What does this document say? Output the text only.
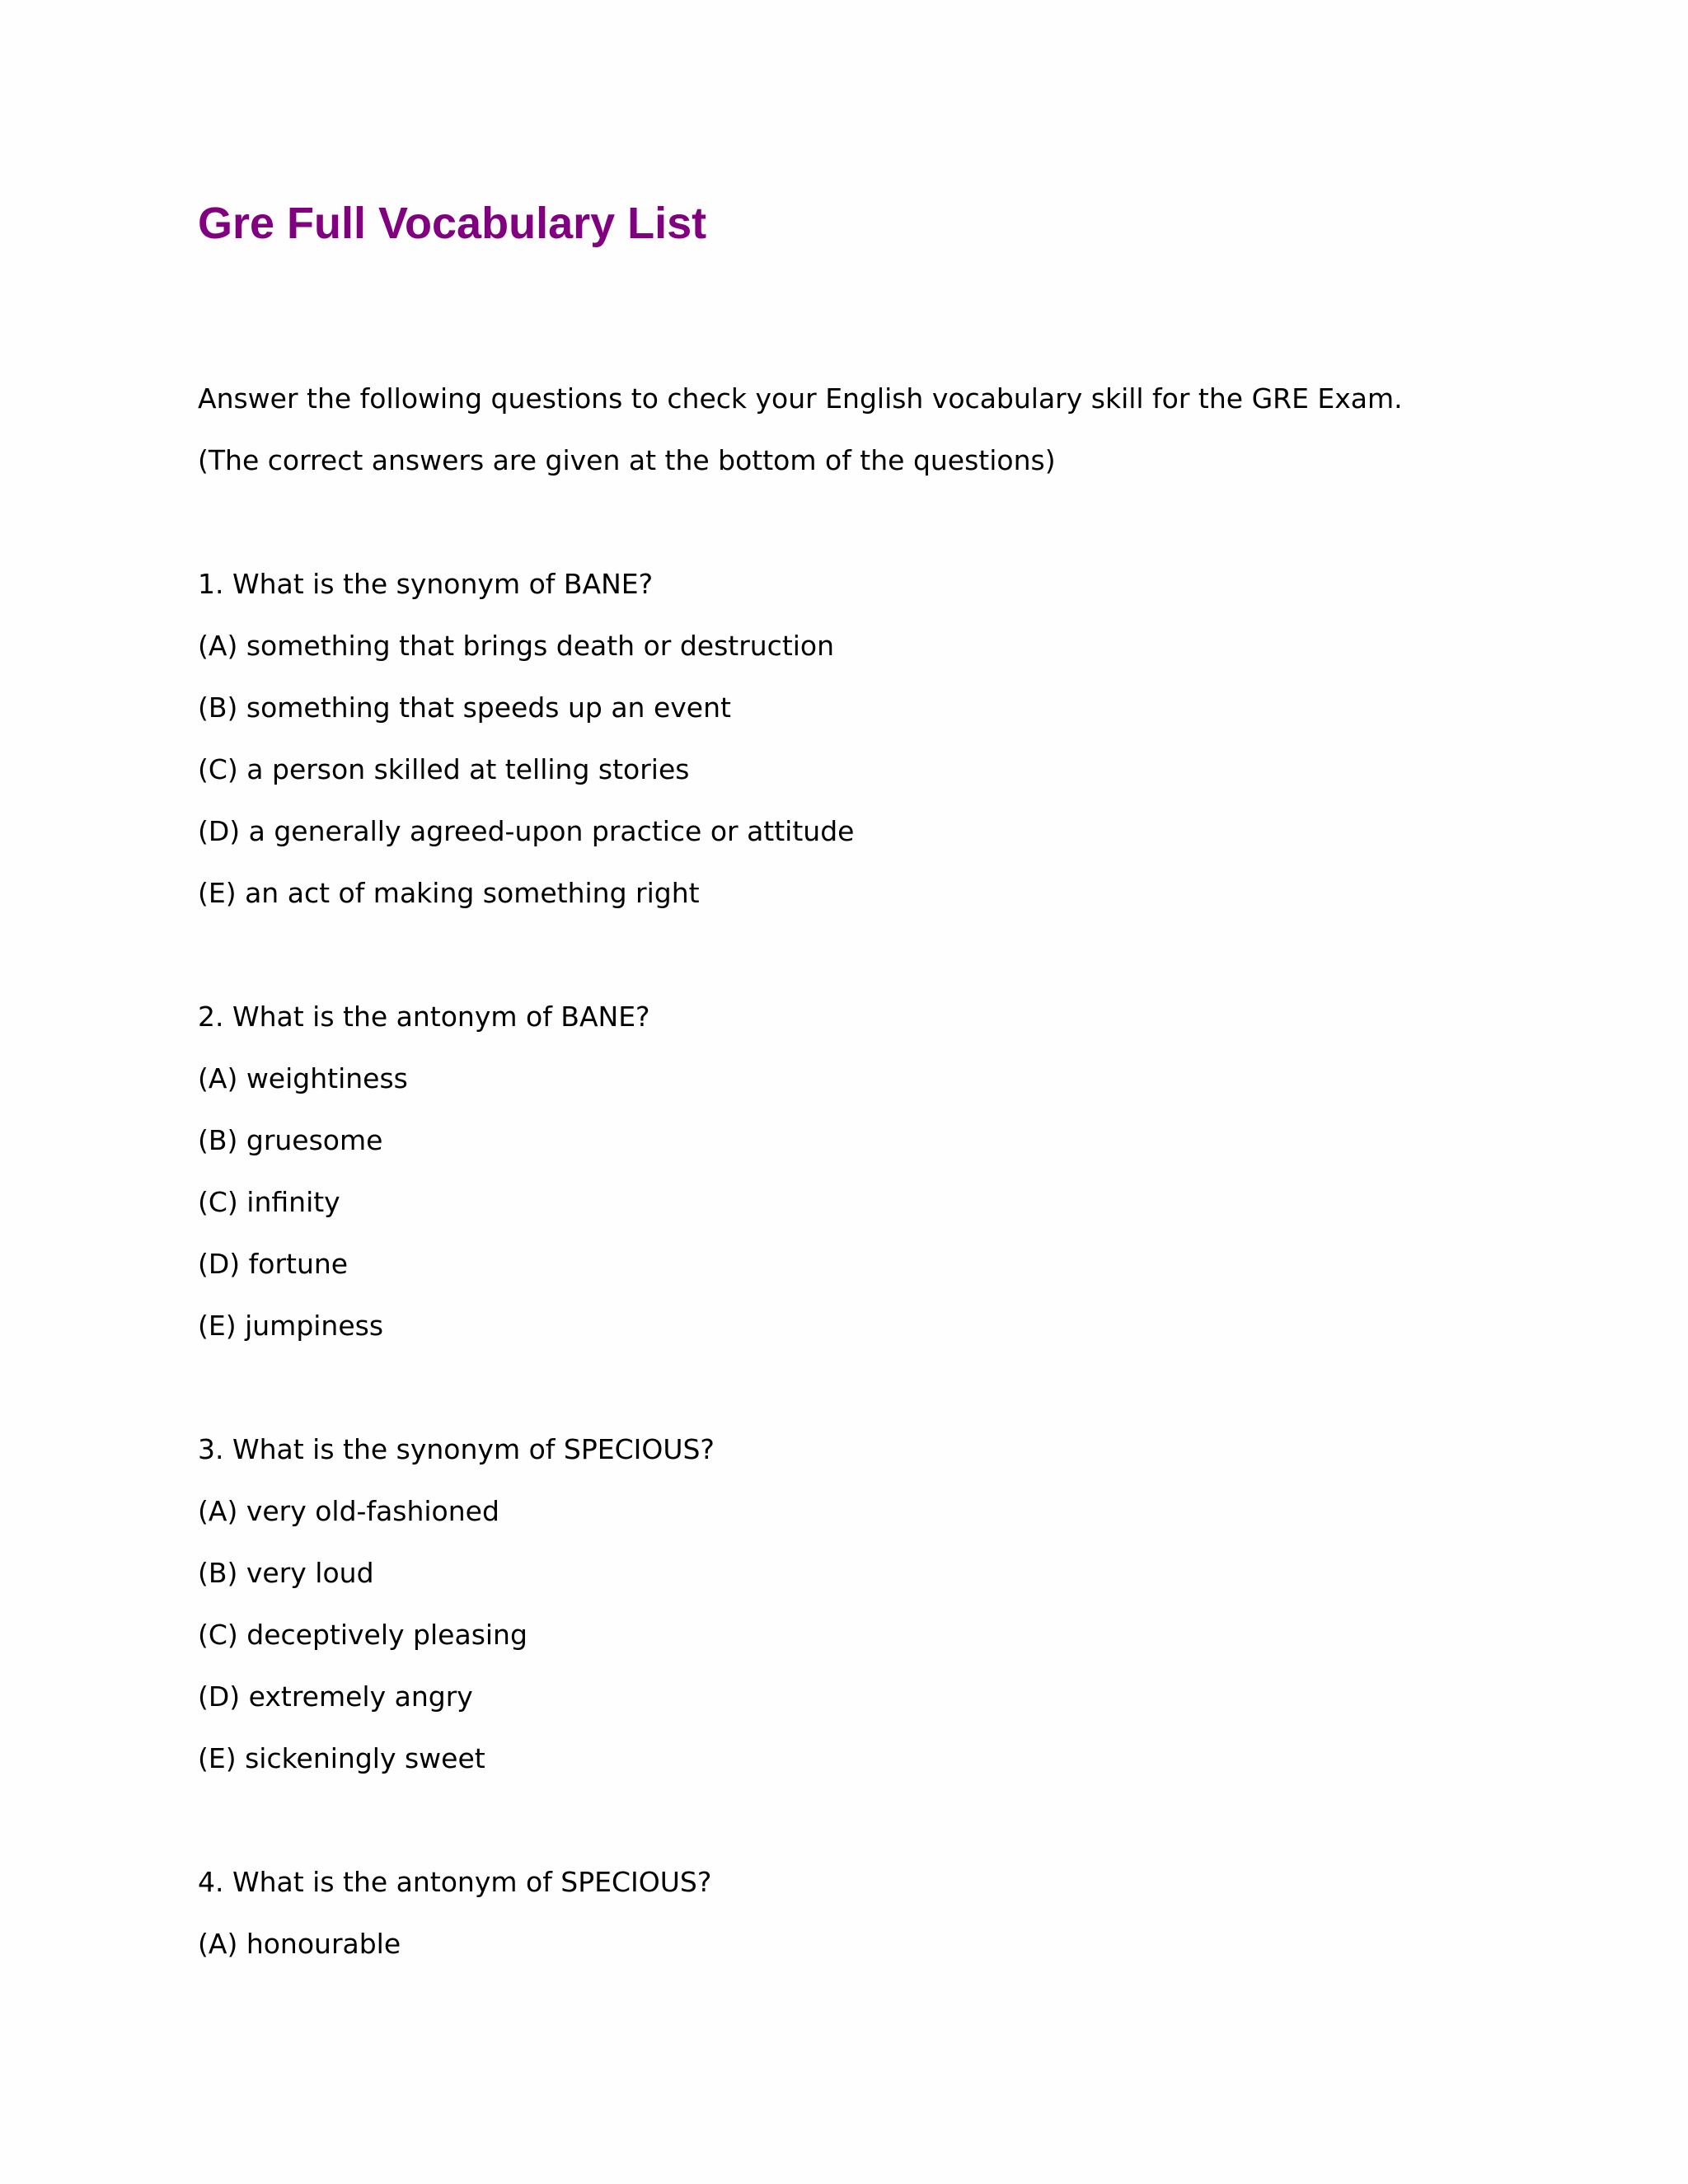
Gre Full Vocabulary List
Answer the following questions to check your English vocabulary skill for the GRE Exam.
(The correct answers are given at the bottom of the questions)
1. What is the synonym of BANE?
(A) something that brings death or destruction
(B) something that speeds up an event
(C) a person skilled at telling stories
(D) a generally agreed-upon practice or attitude
(E) an act of making something right
2. What is the antonym of BANE?
(A) weightiness
(B) gruesome
(C) infinity
(D) fortune
(E) jumpiness
3. What is the synonym of SPECIOUS?
(A) very old-fashioned
(B) very loud
(C) deceptively pleasing
(D) extremely angry
(E) sickeningly sweet
4. What is the antonym of SPECIOUS?
(A) honourable
